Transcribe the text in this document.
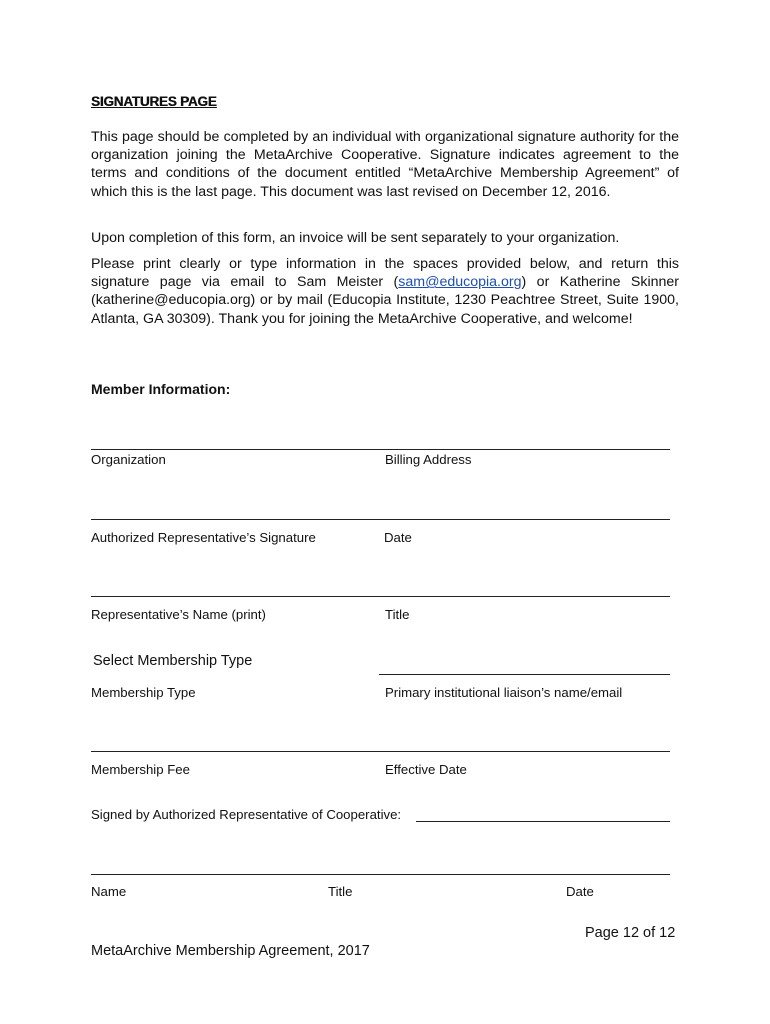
SIGNATURES PAGE

This page should be completed by an individual with organizational signature authority for the organization joining the MetaArchive Cooperative. Signature indicates agreement to the terms and conditions of the document entitled “MetaArchive Membership Agreement” of which this is the last page. This document was last revised on December 12, 2016.

Upon completion of this form, an invoice will be sent separately to your organization.

Please print clearly or type information in the spaces provided below, and return this signature page via email to Sam Meister (sam@educopia.org) or Katherine Skinner (katherine@educopia.org) or by mail (Educopia Institute, 1230 Peachtree Street, Suite 1900, Atlanta, GA 30309). Thank you for joining the MetaArchive Cooperative, and welcome!

Member Information:
Organization	Billing Address
Authorized Representative’s Signature	Date
Representative’s Name (print)	Title
Select Membership Type
Membership Type	Primary institutional liaison’s name/email
Membership Fee	Effective Date
Signed by Authorized Representative of Cooperative:
Name	Title	Date
Page 12 of 12
MetaArchive Membership Agreement, 2017
